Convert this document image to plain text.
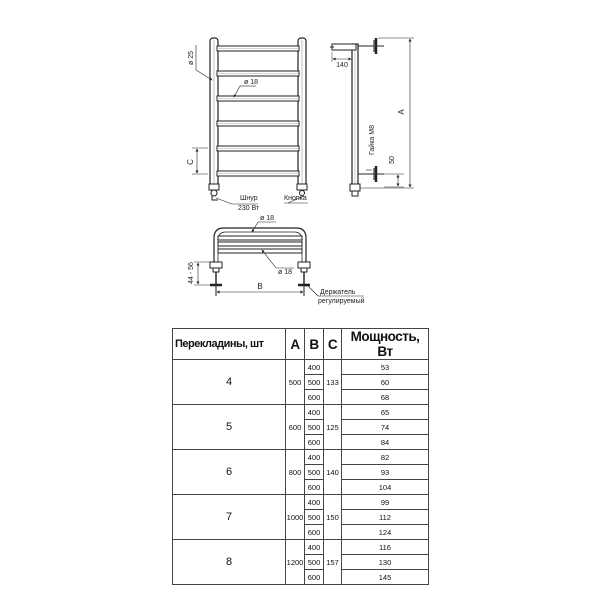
ø 25
ø 18
C
Шнур
230 Вт
Кнопка
140
Гайка М8
50
A
ø 18
ø 18
44 - 56
B
Держатель
регулируемый
Перекладины, шт	A	B	C	Мощность, Вт
4	500	400	133	53
		500		60
		600		68
5	600	400	125	65
		500		74
		600		84
6	800	400	140	82
		500		93
		600		104
7	1000	400	150	99
		500		112
		600		124
8	1200	400	157	116
		500		130
		600		145
